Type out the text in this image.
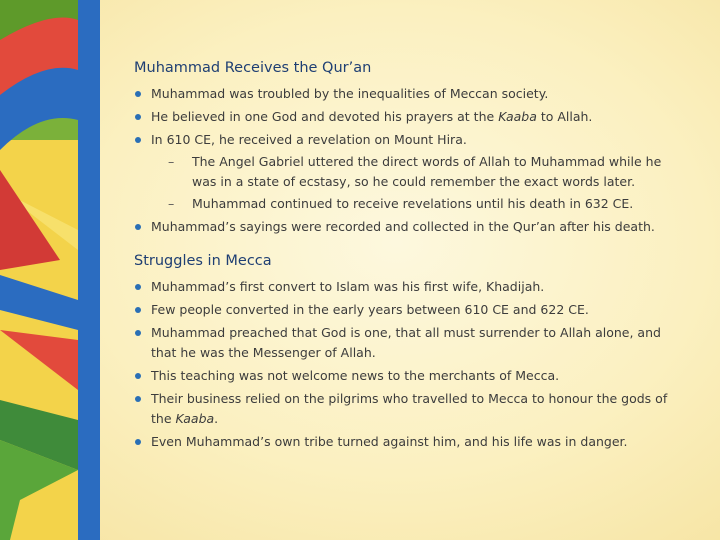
Muhammad Receives the Qur’an
Muhammad was troubled by the inequalities of Meccan society.
He believed in one God and devoted his prayers at the Kaaba to Allah.
In 610 CE, he received a revelation on Mount Hira.
– The Angel Gabriel uttered the direct words of Allah to Muhammad while he was in a state of ecstasy, so he could remember the exact words later.
– Muhammad continued to receive revelations until his death in 632 CE.
Muhammad’s sayings were recorded and collected in the Qur’an after his death.
Struggles in Mecca
Muhammad’s first convert to Islam was his first wife, Khadijah.
Few people converted in the early years between 610 CE and 622 CE.
Muhammad preached that God is one, that all must surrender to Allah alone, and that he was the Messenger of Allah.
This teaching was not welcome news to the merchants of Mecca.
Their business relied on the pilgrims who travelled to Mecca to honour the gods of the Kaaba.
Even Muhammad’s own tribe turned against him, and his life was in danger.
